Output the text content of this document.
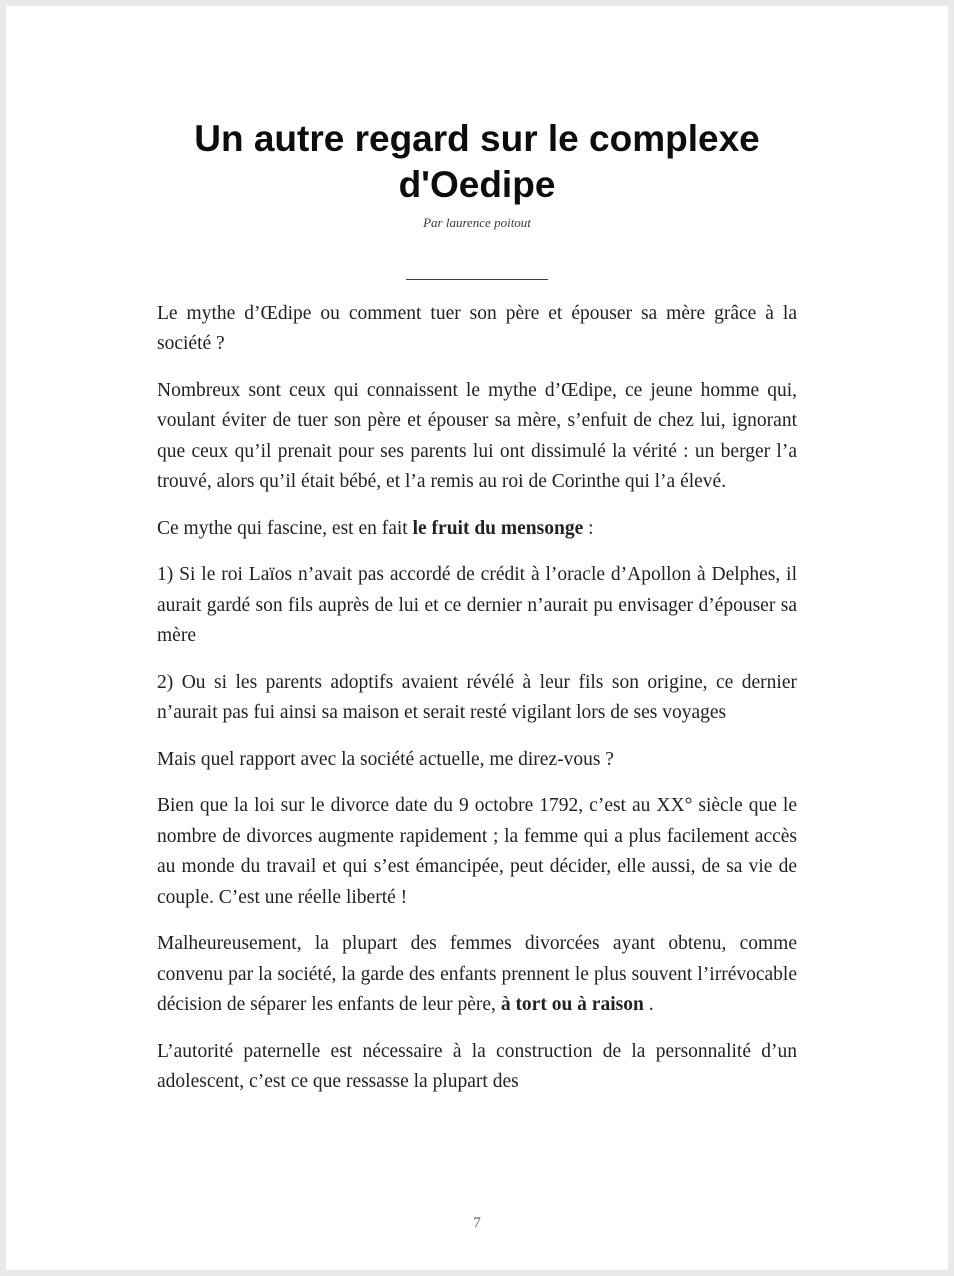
Un autre regard sur le complexe
d'Oedipe

Par laurence poitout

Le mythe d’Œdipe ou comment tuer son père et épouser sa mère grâce à la société ?

Nombreux sont ceux qui connaissent le mythe d’Œdipe, ce jeune homme qui, voulant éviter de tuer son père et épouser sa mère, s’enfuit de chez lui, ignorant que ceux qu’il prenait pour ses parents lui ont dissimulé la vérité : un berger l’a trouvé, alors qu’il était bébé, et l’a remis au roi de Corinthe qui l’a élevé.

Ce mythe qui fascine, est en fait le fruit du mensonge :

1) Si le roi Laïos n’avait pas accordé de crédit à l’oracle d’Apollon à Delphes, il aurait gardé son fils auprès de lui et ce dernier n’aurait pu envisager d’épouser sa mère

2) Ou si les parents adoptifs avaient révélé à leur fils son origine, ce dernier n’aurait pas fui ainsi sa maison et serait resté vigilant lors de ses voyages

Mais quel rapport avec la société actuelle, me direz-vous ?

Bien que la loi sur le divorce date du 9 octobre 1792, c’est au XX° siècle que le nombre de divorces augmente rapidement ; la femme qui a plus facilement accès au monde du travail et qui s’est émancipée, peut décider, elle aussi, de sa vie de couple. C’est une réelle liberté !

Malheureusement, la plupart des femmes divorcées ayant obtenu, comme convenu par la société, la garde des enfants prennent le plus souvent l’irrévocable décision de séparer les enfants de leur père, à tort ou à raison .

L’autorité paternelle est nécessaire à la construction de la personnalité d’un adolescent, c’est ce que ressasse la plupart des

7
